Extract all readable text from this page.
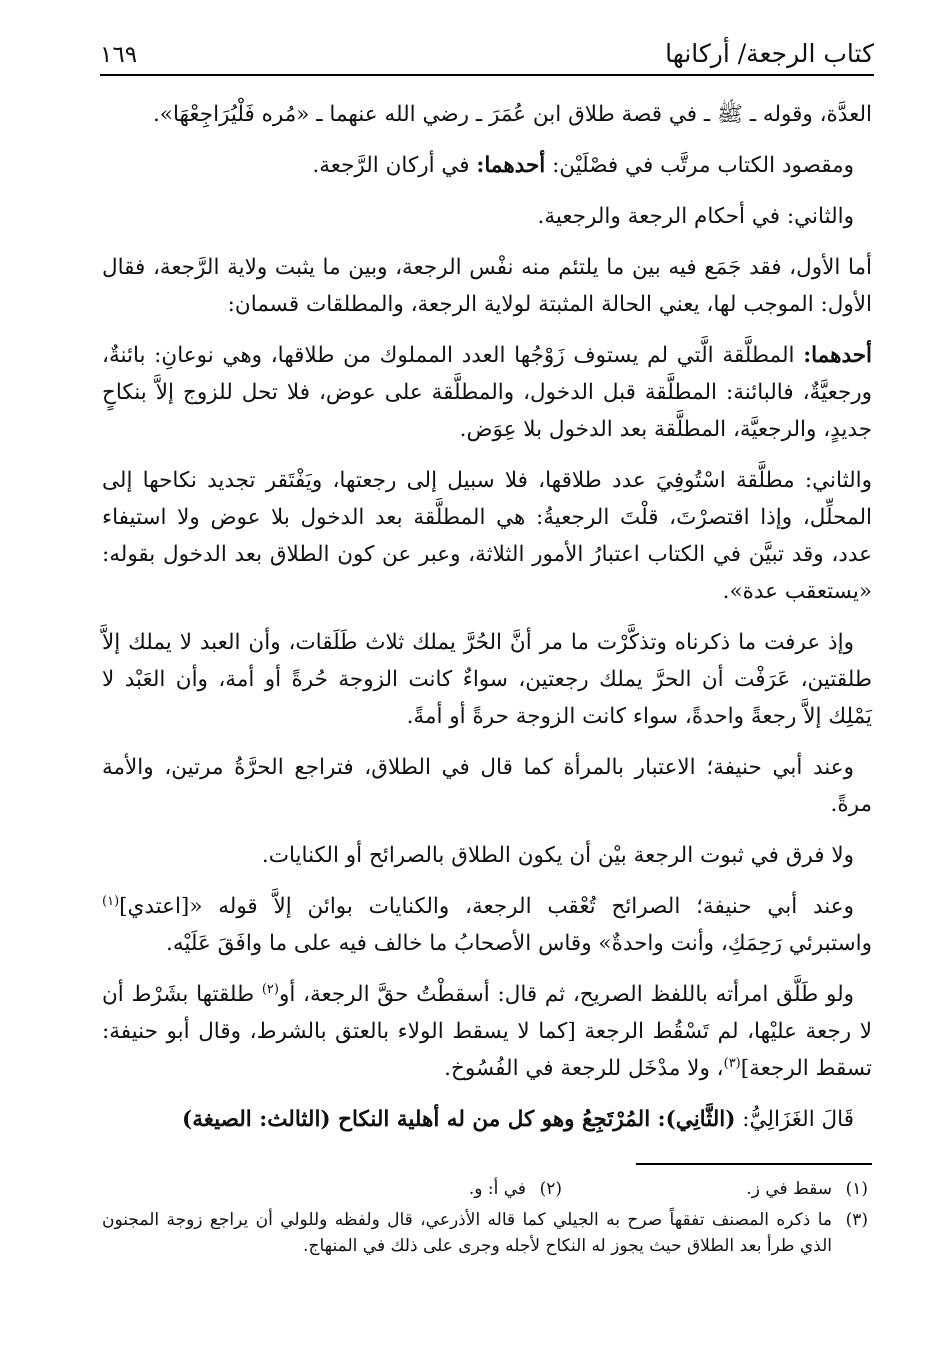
كتاب الرجعة/ أركانها
١٦٩

العدَّة، وقوله ـ ﷺ ـ في قصة طلاق ابن عُمَرَ ـ رضي الله عنهما ـ «مُره فَلْيُرَاجِعْهَا».

ومقصود الكتاب مرتَّب في فصْلَيْن: أحدهما: في أركان الرَّجعة.

والثاني: في أحكام الرجعة والرجعية.

أما الأول، فقد جَمَع فيه بين ما يلتئم منه نفْس الرجعة، وبين ما يثبت ولاية الرَّجعة، فقال الأول: الموجب لها، يعني الحالة المثبتة لولاية الرجعة، والمطلقات قسمان:

أحدهما: المطلَّقة الَّتي لم يستوف زَوْجُها العدد المملوك من طلاقها، وهي نوعانِ: بائنةٌ، ورجعيَّةٌ، فالبائنة: المطلَّقة قبل الدخول، والمطلَّقة على عوض، فلا تحل للزوج إلاَّ بنكاحٍ جديدٍ، والرجعيَّة، المطلَّقة بعد الدخول بلا عِوَض.

والثاني: مطلَّقة اسْتُوفِيَ عدد طلاقها، فلا سبيل إلى رجعتها، ويَفْتَقر تجديد نكاحها إلى المحلِّل، وإذا اقتصرْتَ، قلْتَ الرجعيةُ: هي المطلَّقة بعد الدخول بلا عوض ولا استيفاء عدد، وقد تبيَّن في الكتاب اعتبارُ الأمور الثلاثة، وعبر عن كون الطلاق بعد الدخول بقوله: «يستعقب عدة».

وإذ عرفت ما ذكرناه وتذكَّرْت ما مر أنَّ الحُرَّ يملك ثلاث طَلَقات، وأن العبد لا يملك إلاَّ طلقتين، عَرَفْت أن الحرَّ يملك رجعتين، سواءٌ كانت الزوجة حُرةً أو أمة، وأن العَبْد لا يَمْلِك إلاَّ رجعةً واحدةً، سواء كانت الزوجة حرةً أو أمةً.

وعند أبي حنيفة؛ الاعتبار بالمرأة كما قال في الطلاق، فتراجع الحرَّةُ مرتين، والأمة مرةً.

ولا فرق في ثبوت الرجعة بيْن أن يكون الطلاق بالصرائح أو الكنايات.

وعند أبي حنيفة؛ الصرائح تُعْقب الرجعة، والكنايات بوائن إلاَّ قوله «[اعتدي]$^{(١)}$ واستبرئي رَحِمَكِ، وأنت واحدةٌ» وقاس الأصحابُ ما خالف فيه على ما وافَقَ عَلَيْه.

ولو طَلَّق امرأته باللفظ الصريح، ثم قال: أسقطْتُ حقَّ الرجعة، أو$^{(٢)}$ طلقتها بشَرْط أن لا رجعة عليْها، لم تَسْقُط الرجعة [كما لا يسقط الولاء بالعتق بالشرط، وقال أبو حنيفة: تسقط الرجعة]$^{(٣)}$، ولا مدْخَل للرجعة في الفُسُوخ.

قَالَ الغَزَالِيُّ: (الثَّانِي): المُرْتَجِعُ وهو كل من له أهلية النكاح (الثالث: الصيغة)

(١)
سقط في ز.
(٢)
في أ: و.
(٣)
ما ذكره المصنف تفقهاً صرح به الجيلي كما قاله الأذرعي، قال ولفظه وللولي أن يراجع زوجة المجنون الذي طرأ بعد الطلاق حيث يجوز له النكاح لأجله وجرى على ذلك في المنهاج.
